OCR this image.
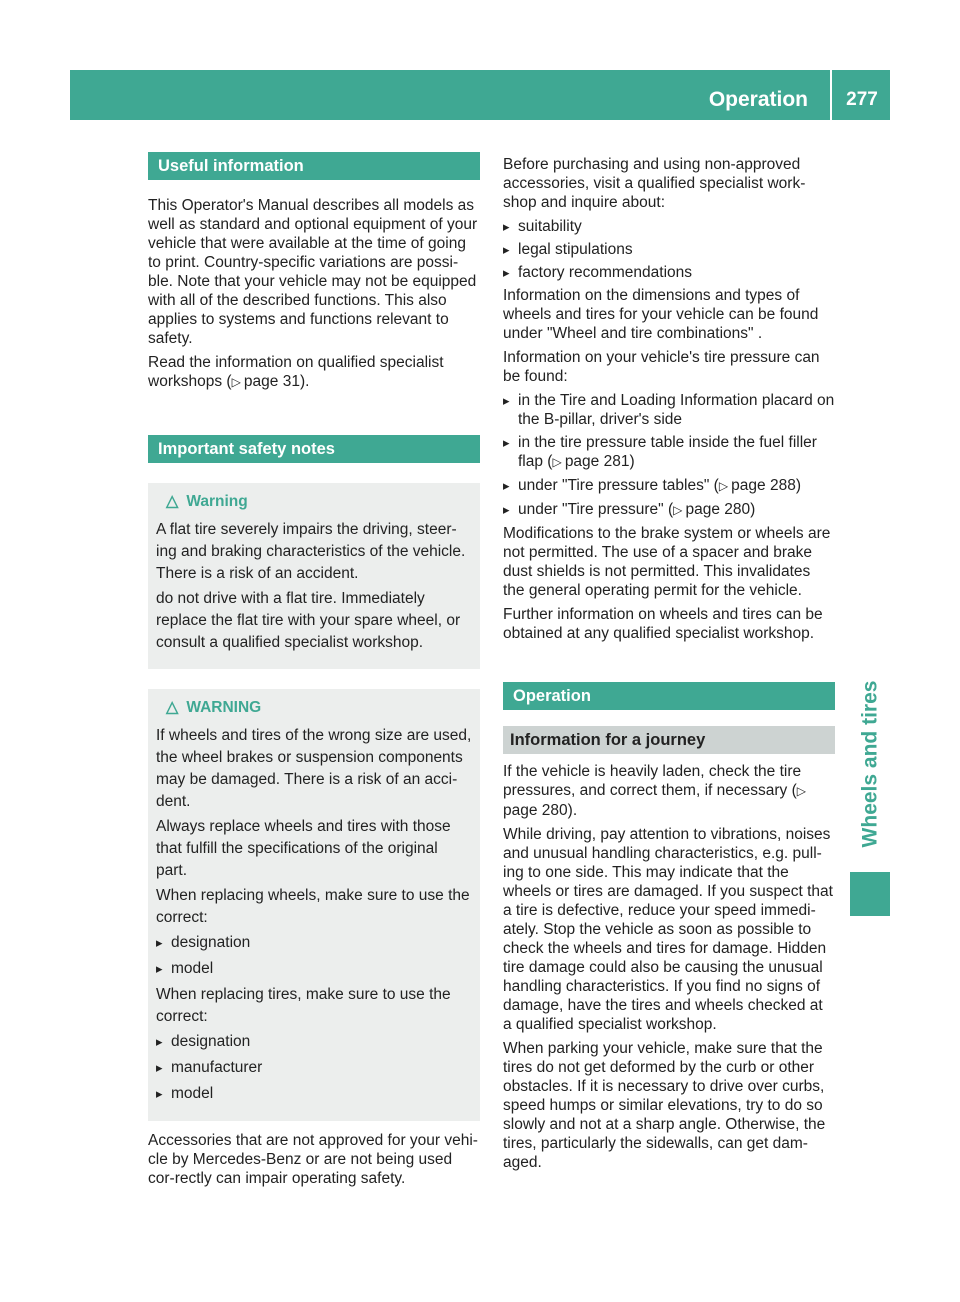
Operation	277
Wheels and tires
Useful information

This Operator's Manual describes all models as well as standard and optional equipment of your vehicle that were available at the time of going to print. Country-specific variations are possi-ble. Note that your vehicle may not be equipped with all of the described functions. This also applies to systems and functions relevant to safety.

Read the information on qualified specialist workshops (▷  page 31).

Important safety notes
△ Warning

A flat tire severely impairs the driving, steer-ing and braking characteristics of the vehicle. There is a risk of an accident.

do not drive with a flat tire. Immediately replace the flat tire with your spare wheel, or consult a qualified specialist workshop.

△ WARNING

If wheels and tires of the wrong size are used, the wheel brakes or suspension components may be damaged. There is a risk of an acci-dent.

Always replace wheels and tires with those that fulfill the specifications of the original part.

When replacing wheels, make sure to use the correct:

▸ designation
▸ model

When replacing tires, make sure to use the correct:

▸ designation
▸ manufacturer
▸ model

Accessories that are not approved for your vehi-cle by Mercedes-Benz or are not being used cor-rectly can impair operating safety.

Before purchasing and using non-approved accessories, visit a qualified specialist work-shop and inquire about:

▸ suitability
▸ legal stipulations
▸ factory recommendations

Information on the dimensions and types of wheels and tires for your vehicle can be found under "Wheel and tire combinations" .

Information on your vehicle's tire pressure can be found:

▸ in the Tire and Loading Information placard on the B-pillar, driver's side
▸ in the tire pressure table inside the fuel filler flap (▷  page 281)
▸ under "Tire pressure tables" (▷  page 288)
▸ under "Tire pressure" (▷  page 280)

Modifications to the brake system or wheels are not permitted. The use of a spacer and brake dust shields is not permitted. This invalidates the general operating permit for the vehicle.

Further information on wheels and tires can be obtained at any qualified specialist workshop.

Operation
Information for a journey

If the vehicle is heavily laden, check the tire pressures, and correct them, if necessary (▷ page 280).

While driving, pay attention to vibrations, noises and unusual handling characteristics, e.g. pull-ing to one side. This may indicate that the wheels or tires are damaged. If you suspect that a tire is defective, reduce your speed immedi-ately. Stop the vehicle as soon as possible to check the wheels and tires for damage. Hidden tire damage could also be causing the unusual handling characteristics. If you find no signs of damage, have the tires and wheels checked at a qualified specialist workshop.

When parking your vehicle, make sure that the tires do not get deformed by the curb or other obstacles. If it is necessary to drive over curbs, speed humps or similar elevations, try to do so slowly and not at a sharp angle. Otherwise, the tires, particularly the sidewalls, can get dam-aged.
